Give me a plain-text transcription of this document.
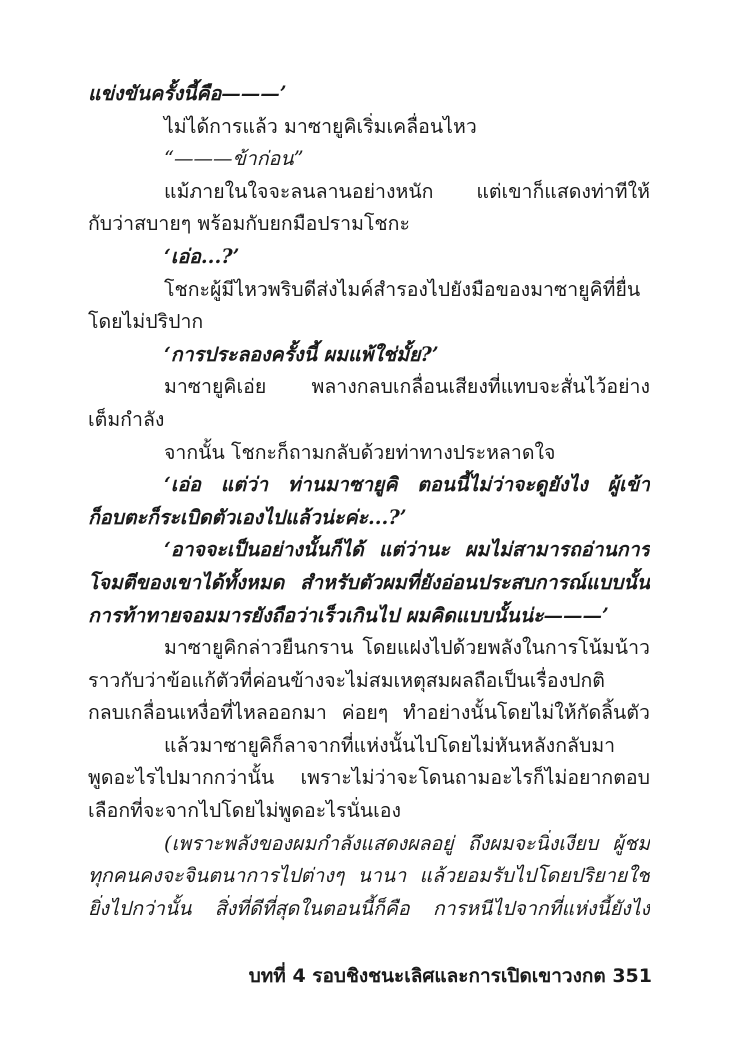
แข่งขันครั้งนี้คือ———’
ไม่ได้การแล้ว มาซายูคิเริ่มเคลื่อนไหว
“———ข้าก่อน”
แม้ภายในใจจะลนลานอย่างหนัก แต่เขาก็แสดงท่าทีให้
กับว่าสบายๆ พร้อมกับยกมือปรามโชกะ
‘เอ่อ...?’
โชกะผู้มีไหวพริบดีส่งไมค์สำรองไปยังมือของมาซายูคิที่ยื่น
โดยไม่ปริปาก
‘การประลองครั้งนี้ ผมแพ้ใช่มั้ย?’
มาซายูคิเอ่ย พลางกลบเกลื่อนเสียงที่แทบจะสั่นไว้อย่าง
เต็มกำลัง
จากนั้น โชกะก็ถามกลับด้วยท่าทางประหลาดใจ
‘เอ่อ แต่ว่า ท่านมาซายูคิ ตอนนี้ไม่ว่าจะดูยังไง ผู้เข้า
ก็อบตะก็ระเบิดตัวเองไปแล้วน่ะค่ะ...?’
‘อาจจะเป็นอย่างนั้นก็ได้ แต่ว่านะ ผมไม่สามารถอ่านการ
โจมตีของเขาได้ทั้งหมด สำหรับตัวผมที่ยังอ่อนประสบการณ์แบบนั้น
การท้าทายจอมมารยังถือว่าเร็วเกินไป ผมคิดแบบนั้นน่ะ———’
มาซายูคิกล่าวยืนกราน โดยแฝงไปด้วยพลังในการโน้มน้าว
ราวกับว่าข้อแก้ตัวที่ค่อนข้างจะไม่สมเหตุสมผลถือเป็นเรื่องปกติ
กลบเกลื่อนเหงื่อที่ไหลออกมา ค่อยๆ ทำอย่างนั้นโดยไม่ให้กัดลิ้นตัว
แล้วมาซายูคิก็ลาจากที่แห่งนั้นไปโดยไม่หันหลังกลับมา
พูดอะไรไปมากกว่านั้น เพราะไม่ว่าจะโดนถามอะไรก็ไม่อยากตอบ
เลือกที่จะจากไปโดยไม่พูดอะไรนั่นเอง
(เพราะพลังของผมกำลังแสดงผลอยู่ ถึงผมจะนิ่งเงียบ ผู้ชม
ทุกคนคงจะจินตนาการไปต่างๆ นานา แล้วยอมรับไปโดยปริยายใช่
ยิ่งไปกว่านั้น สิ่งที่ดีที่สุดในตอนนี้ก็คือ การหนีไปจากที่แห่งนี้ยังไง
บทที่ 4 รอบชิงชนะเลิศและการเปิดเขาวงกต 351
